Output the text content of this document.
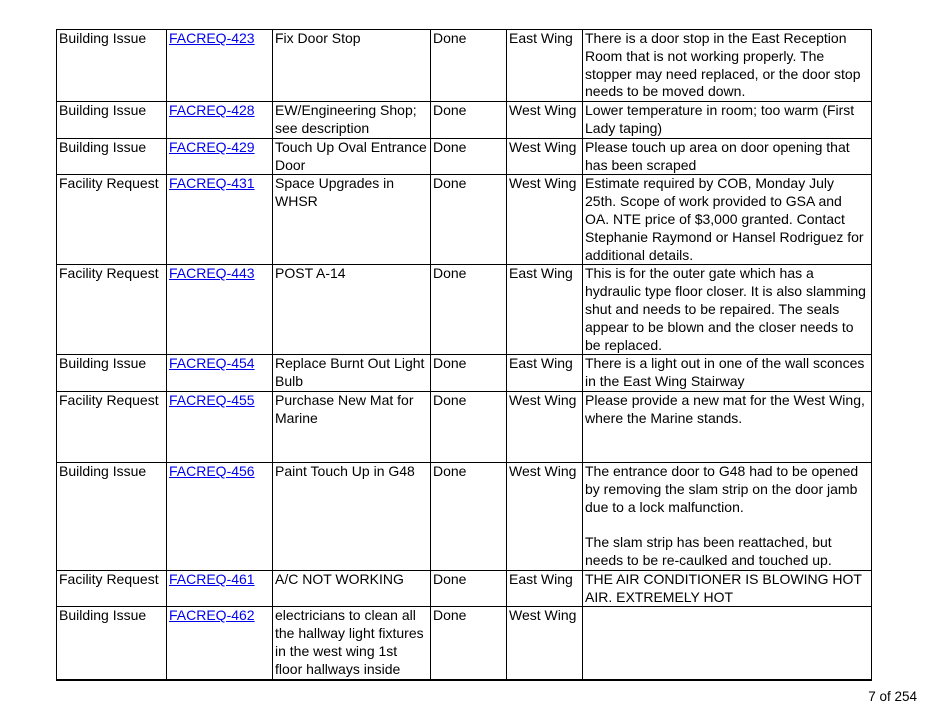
Building Issue	FACREQ-423	Fix Door Stop	Done	East Wing	There is a door stop in the East Reception Room that is not working properly. The stopper may need replaced, or the door stop needs to be moved down.

Building Issue	FACREQ-428	EW/Engineering Shop; see description	Done	West Wing	Lower temperature in room; too warm (First Lady taping)

Building Issue	FACREQ-429	Touch Up Oval Entrance Door	Done	West Wing	Please touch up area on door opening that has been scraped

Facility Request	FACREQ-431	Space Upgrades in WHSR	Done	West Wing	Estimate required by COB, Monday July 25th. Scope of work provided to GSA and OA. NTE price of $3,000 granted. Contact Stephanie Raymond or Hansel Rodriguez for additional details.

Facility Request	FACREQ-443	POST A-14	Done	East Wing	This is for the outer gate which has a hydraulic type floor closer. It is also slamming shut and needs to be repaired. The seals appear to be blown and the closer needs to be replaced.

Building Issue	FACREQ-454	Replace Burnt Out Light Bulb	Done	East Wing	There is a light out in one of the wall sconces in the East Wing Stairway

Facility Request	FACREQ-455	Purchase New Mat for Marine	Done	West Wing	Please provide a new mat for the West Wing, where the Marine stands.

Building Issue	FACREQ-456	Paint Touch Up in G48	Done	West Wing	The entrance door to G48 had to be opened by removing the slam strip on the door jamb due to a lock malfunction.
The slam strip has been reattached, but needs to be re-caulked and touched up.

Facility Request	FACREQ-461	A/C NOT WORKING	Done	East Wing	THE AIR CONDITIONER IS BLOWING HOT AIR. EXTREMELY HOT

Building Issue	FACREQ-462	electricians to clean all the hallway light fixtures in the west wing 1st floor hallways inside	Done	West Wing	
7 of 254
